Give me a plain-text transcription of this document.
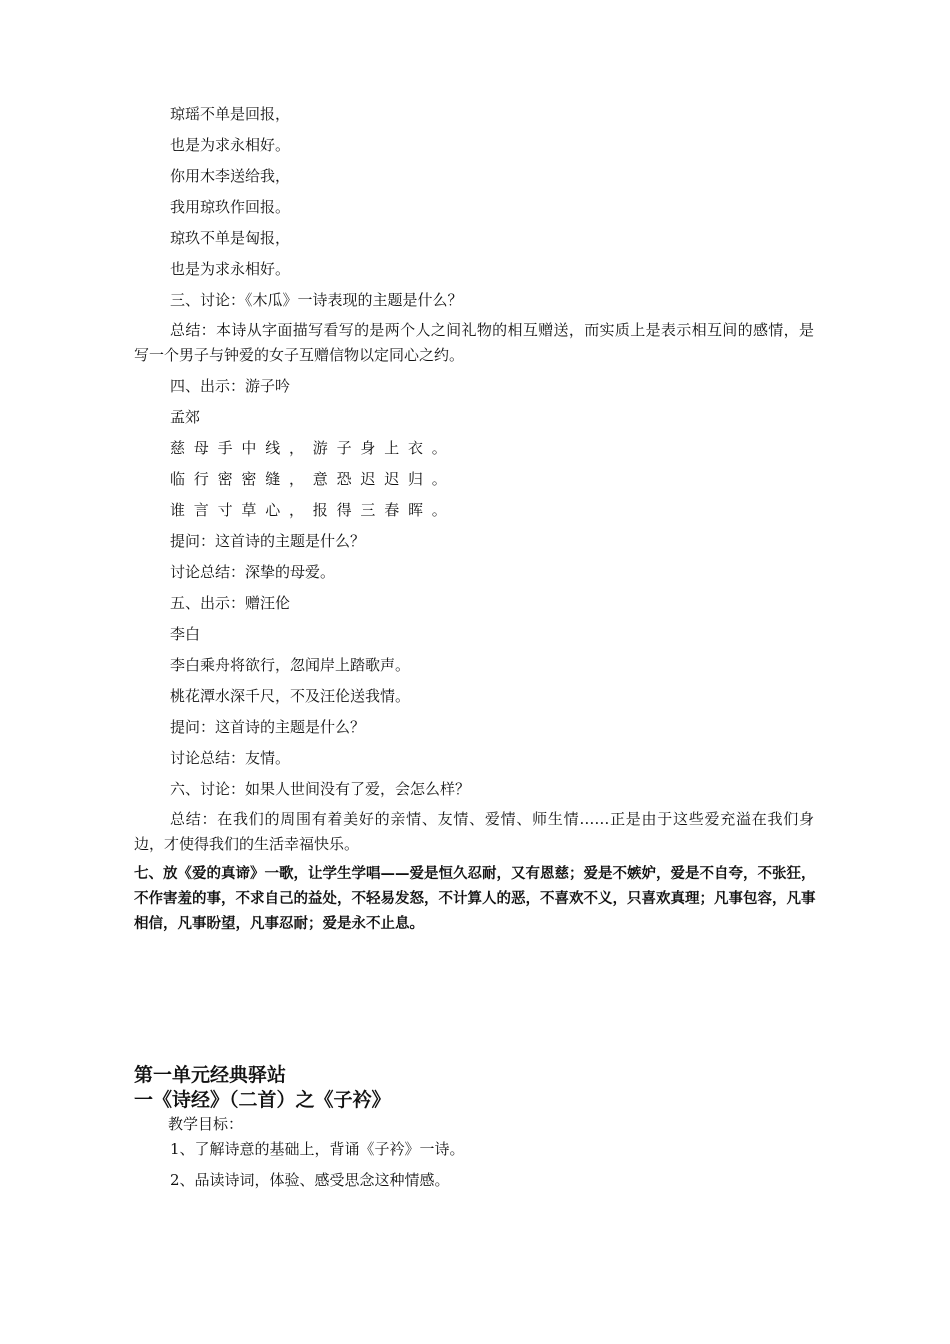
琼瑶不单是回报，

也是为求永相好。

你用木李送给我，

我用琼玖作回报。

琼玖不单是匈报，

也是为求永相好。

三、讨论：《木瓜》一诗表现的主题是什么？

总结：本诗从字面描写看写的是两个人之间礼物的相互赠送，而实质上是表示相互间的感情，是写一个男子与钟爱的女子互赠信物以定同心之约。

四、出示：游子吟

孟郊

慈母手中线，游子身上衣。

临行密密缝，意恐迟迟归。

谁言寸草心，报得三春晖。

提问：这首诗的主题是什么？

讨论总结：深挚的母爱。

五、出示：赠汪伦

李白

李白乘舟将欲行，忽闻岸上踏歌声。

桃花潭水深千尺，不及汪伦送我情。

提问：这首诗的主题是什么？

讨论总结：友情。

六、讨论：如果人世间没有了爱，会怎么样？

总结：在我们的周围有着美好的亲情、友情、爱情、师生情……正是由于这些爱充溢在我们身边，才使得我们的生活幸福快乐。

七、放《爱的真谛》一歌，让学生学唱——爱是恒久忍耐，又有恩慈；爱是不嫉妒，爱是不自夸，不张狂，不作害羞的事，不求自己的益处，不轻易发怒，不计算人的恶，不喜欢不义，只喜欢真理；凡事包容，凡事相信，凡事盼望，凡事忍耐；爱是永不止息。

第一单元经典驿站

一《诗经》（二首）之《子衿》

教学目标：

1、了解诗意的基础上，背诵《子衿》一诗。

2、品读诗词，体验、感受思念这种情感。
